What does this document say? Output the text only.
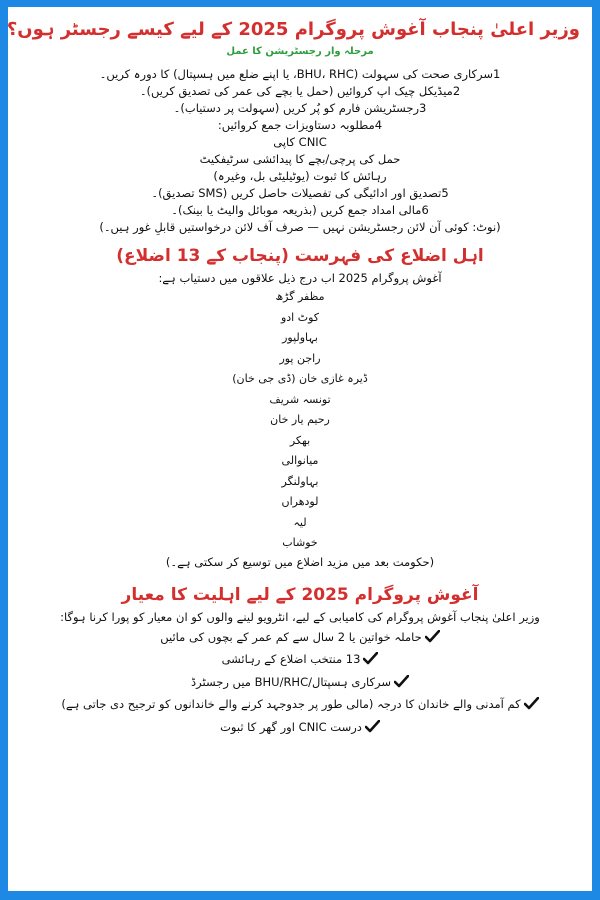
وزیر اعلیٰ پنجاب آغوش پروگرام 2025 کے لیے کیسے رجسٹر ہوں؟
مرحلہ وار رجسٹریشن کا عمل
1سرکاری صحت کی سہولت (BHU، RHC، یا اپنے ضلع میں ہسپتال) کا دورہ کریں۔
2میڈیکل چیک اپ کروائیں (حمل یا بچے کی عمر کی تصدیق کریں)۔
3رجسٹریشن فارم کو پُر کریں (سہولت پر دستیاب)۔
4مطلوبہ دستاویزات جمع کروائیں:
CNIC کاپی
حمل کی پرچی/بچے کا پیدائشی سرٹیفکیٹ
رہائش کا ثبوت (یوٹیلیٹی بل، وغیرہ)
5تصدیق اور ادائیگی کی تفصیلات حاصل کریں (SMS تصدیق)۔
6مالی امداد جمع کریں (بذریعہ موبائل والیٹ یا بینک)۔
(نوٹ: کوئی آن لائن رجسٹریشن نہیں — صرف آف لائن درخواستیں قابلِ غور ہیں۔)
اہل اضلاع کی فہرست (پنجاب کے 13 اضلاع)
آغوش پروگرام 2025 اب درج ذیل علاقوں میں دستیاب ہے:
مظفر گڑھ
کوٹ ادو
بہاولپور
راجن پور
ڈیرہ غازی خان (ڈی جی خان)
تونسہ شریف
رحیم یار خان
بھکر
میانوالی
بہاولنگر
لودھراں
لیہ
خوشاب
(حکومت بعد میں مزید اضلاع میں توسیع کر سکتی ہے۔)
آغوش پروگرام 2025 کے لیے اہلیت کا معیار
وزیر اعلیٰ پنجاب آغوش پروگرام کی کامیابی کے لیے، انٹرویو لینے والوں کو ان معیار کو پورا کرنا ہوگا:
حاملہ خواتین یا 2 سال سے کم عمر کے بچوں کی مائیں
13 منتخب اضلاع کے رہائشی
سرکاری ہسپتال/BHU/RHC میں رجسٹرڈ
کم آمدنی والے خاندان کا درجہ (مالی طور پر جدوجہد کرنے والے خاندانوں کو ترجیح دی جاتی ہے)
درست CNIC اور گھر کا ثبوت
